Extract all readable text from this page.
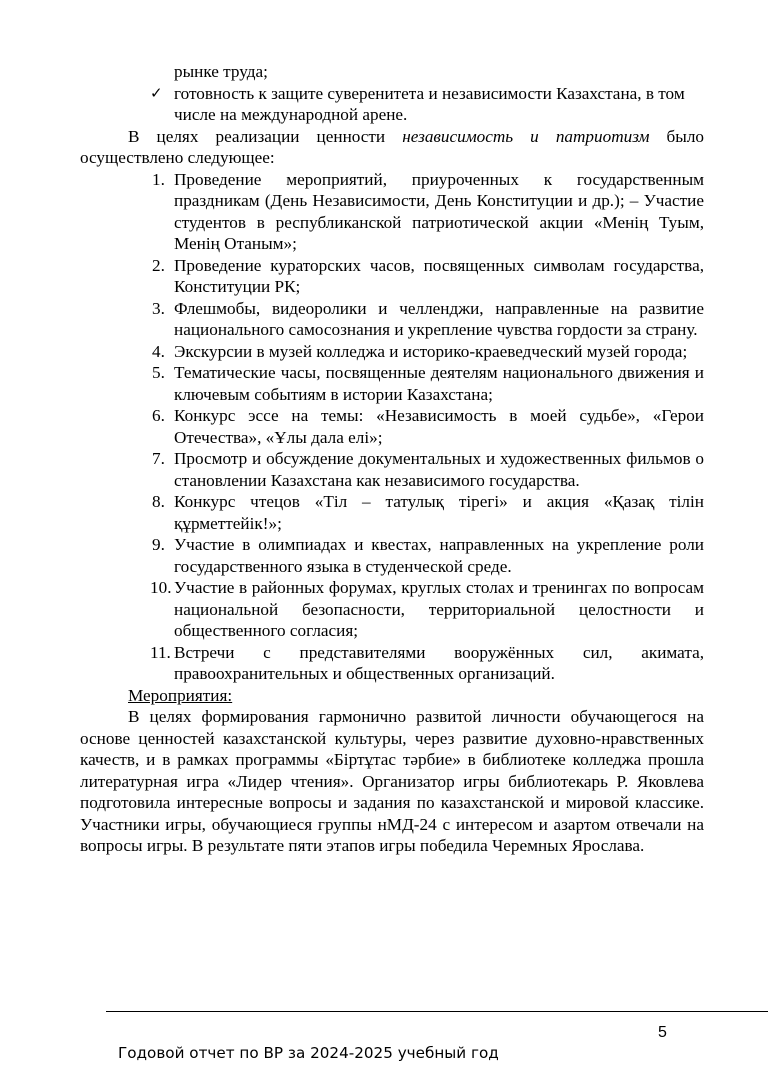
рынке труда;
✓ готовность к защите суверенитета и независимости Казахстана, в том
числе на международной арене.

В целях реализации ценности независимость и патриотизм было осуществлено следующее:

1. Проведение мероприятий, приуроченных к государственным праздникам (День Независимости, День Конституции и др.); – Участие студентов в республиканской патриотической акции «Менің Туым, Менің Отаным»;
2. Проведение кураторских часов, посвященных символам государства, Конституции РК;
3. Флешмобы, видеоролики и челленджи, направленные на развитие национального самосознания и укрепление чувства гордости за страну.
4. Экскурсии в музей колледжа и историко-краеведческий музей города;
5. Тематические часы, посвященные деятелям национального движения и ключевым событиям в истории Казахстана;
6. Конкурс эссе на темы: «Независимость в моей судьбе», «Герои Отечества», «Ұлы дала елі»;
7. Просмотр и обсуждение документальных и художественных фильмов о становлении Казахстана как независимого государства.
8. Конкурс чтецов «Тіл – татулық тірегі» и акция «Қазақ тілін құрметтейік!»;
9. Участие в олимпиадах и квестах, направленных на укрепление роли государственного языка в студенческой среде.
10. Участие в районных форумах, круглых столах и тренингах по вопросам национальной безопасности, территориальной целостности и общественного согласия;
11. Встречи с представителями вооружённых сил, акимата, правоохранительных и общественных организаций.

Мероприятия:

В целях формирования гармонично развитой личности обучающегося на основе ценностей казахстанской культуры, через развитие духовно-нравственных качеств, и в рамках программы «Біртұтас тәрбие» в библиотеке колледжа прошла литературная игра «Лидер чтения». Организатор игры библиотекарь Р. Яковлева подготовила интересные вопросы и задания по казахстанской и мировой классике. Участники игры, обучающиеся группы нМД-24 с интересом и азартом отвечали на вопросы игры. В результате пяти этапов игры победила Черемных Ярослава.

5
Годовой отчет по ВР за 2024-2025 учебный год
